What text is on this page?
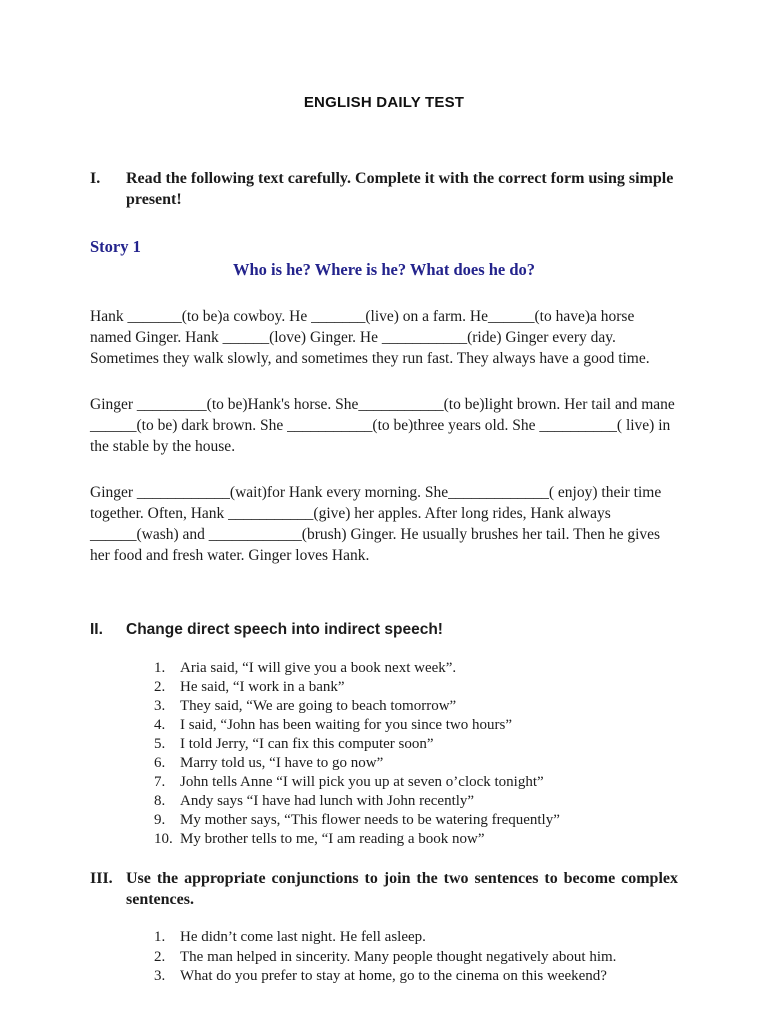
ENGLISH DAILY TEST
I.	Read the following text carefully. Complete it with the correct form using simple present!
Story 1
Who is he? Where is he? What does he do?

Hank _______(to be)a cowboy. He _______(live) on a farm. He______(to have)a horse named Ginger. Hank ______(love) Ginger. He ___________(ride) Ginger every day. Sometimes they walk slowly, and sometimes they run fast. They always have a good time.

Ginger _________(to be)Hank's horse. She___________(to be)light brown. Her tail and mane ______(to be) dark brown. She ___________(to be)three years old. She __________( live) in the stable by the house.

Ginger ____________(wait)for Hank every morning. She_____________( enjoy) their time together. Often, Hank ___________(give) her apples. After long rides, Hank always ______(wash) and ____________(brush) Ginger. He usually brushes her tail. Then he gives her food and fresh water. Ginger loves Hank.

II.	Change direct speech into indirect speech!
1. Aria said, “I will give you a book next week”.
2. He said, “I work in a bank”
3. They said, “We are going to beach tomorrow”
4. I said, “John has been waiting for you since two hours”
5. I told Jerry, “I can fix this computer soon”
6. Marry told us, “I have to go now”
7. John tells Anne “I will pick you up at seven o’clock tonight”
8. Andy says “I have had lunch with John recently”
9. My mother says, “This flower needs to be watering frequently”
10. My brother tells to me, “I am reading a book now”
III. Use the appropriate conjunctions to join the two sentences to become complex sentences.
1. He didn’t come last night. He fell asleep.
2. The man helped in sincerity. Many people thought negatively about him.
3. What do you prefer to stay at home, go to the cinema on this weekend?
